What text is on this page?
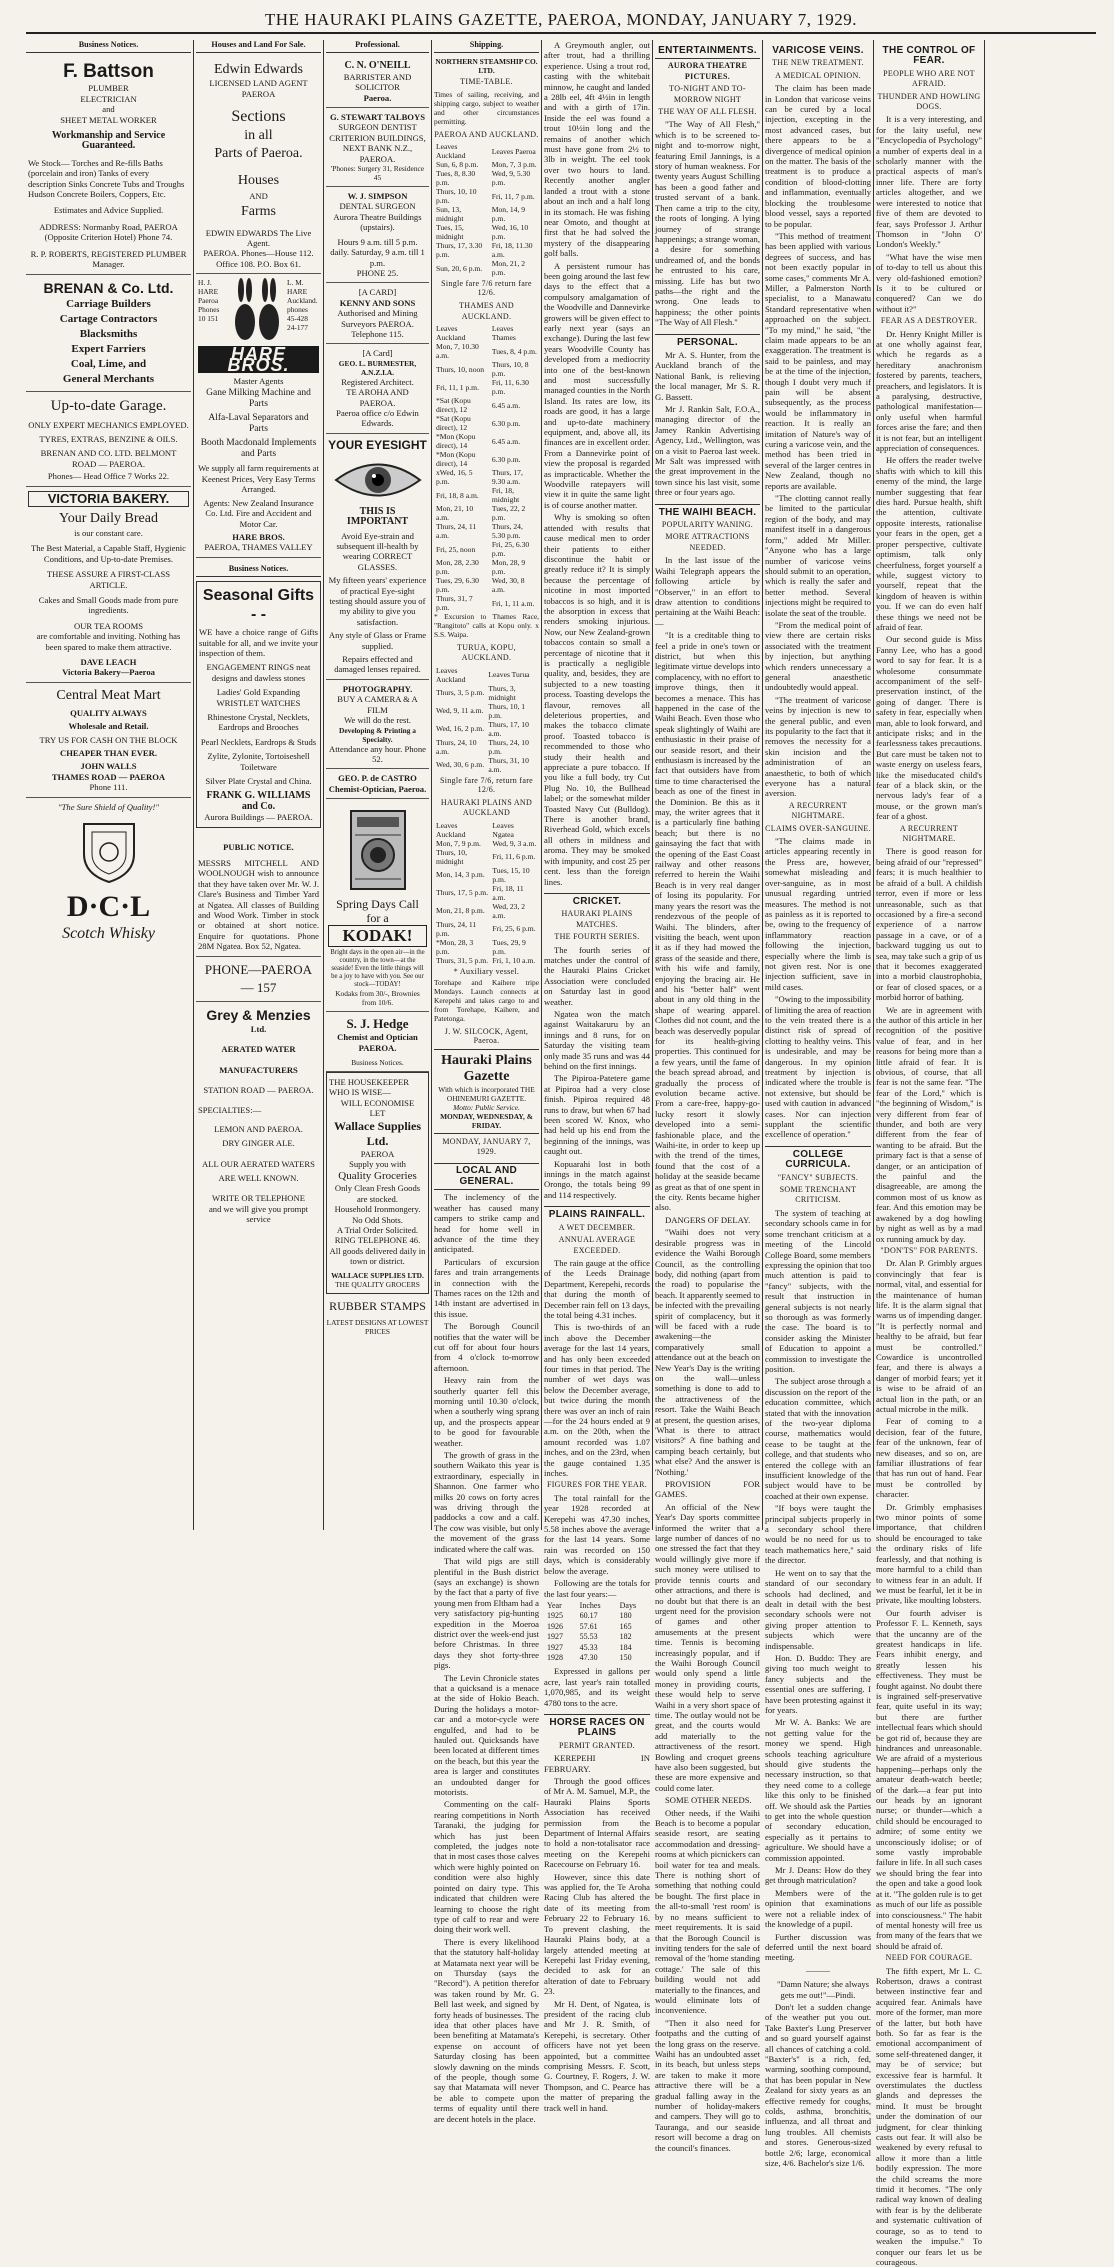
THE HAURAKI PLAINS GAZETTE, PAEROA, MONDAY, JANUARY 7, 1929.
Business Notices.
F. Battson
PLUMBER
ELECTRICIAN
and
SHEET METAL WORKER
Workmanship and Service Guaranteed.
We Stock— Torches and Re-fills Baths (porcelain and iron) Tanks of every description Sinks Concrete Tubs and Troughs Hudson Concrete Boilers, Coppers, Etc.
Estimates and Advice Supplied.
ADDRESS: Normanby Road, PAEROA (Opposite Criterion Hotel) Phone 74.
R. P. ROBERTS, REGISTERED PLUMBER Manager.
BRENAN & Co. Ltd.
Carriage Builders
Cartage Contractors
Blacksmiths
Expert Farriers
Coal, Lime, and
General Merchants
Up-to-date Garage.
ONLY EXPERT MECHANICS EMPLOYED.
TYRES, EXTRAS, BENZINE & OILS.
BRENAN AND CO. LTD. BELMONT ROAD — PAEROA.
Phones— Head Office 7 Works 22.
VICTORIA BAKERY.
Your Daily Bread
is our constant care.
The Best Material, a Capable Staff, Hygienic Conditions, and Up-to-date Premises.
THESE ASSURE A FIRST-CLASS ARTICLE.
Cakes and Small Goods made from pure ingredients.
OUR TEA ROOMS
are comfortable and inviting. Nothing has been spared to make them attractive.
DAVE LEACH
Victoria Bakery—Paeroa
Central Meat Mart
QUALITY ALWAYS
Wholesale and Retail.
TRY US FOR CASH ON THE BLOCK
CHEAPER THAN EVER.
JOHN WALLS
THAMES ROAD — PAEROA
Phone 111.
"The Sure Shield of Quality!"
D·C·L
Scotch Whisky
Houses and Land For Sale.
Edwin Edwards
LICENSED LAND AGENT
PAEROA
Sections
in all
Parts of Paeroa.
Houses
AND
Farms
EDWIN EDWARDS The Live Agent.
PAEROA. Phones—House 112. Office 108. P.O. Box 61.
H. J. HARE Paeroa Phones 10 151
L. M. HARE Auckland. phones 45-428 24-177
HARE BROS.
Master Agents
Gane Milking Machine and Parts
Alfa-Laval Separators and Parts
Booth Macdonald Implements and Parts
We supply all farm requirements at Keenest Prices, Very Easy Terms Arranged.
Agents: New Zealand Insurance Co. Ltd. Fire and Accident and Motor Car.
HARE BROS.
PAEROA, THAMES VALLEY
Business Notices.
Seasonal Gifts - -
WE have a choice range of Gifts suitable for all, and we invite your inspection of them.
ENGAGEMENT RINGS neat designs and dawless stones
Ladies' Gold Expanding WRISTLET WATCHES
Rhinestone Crystal, Necklets, Eardrops and Brooches
Pearl Necklets, Eardrops & Studs
Zylite, Zylonite, Tortoiseshell Toiletware
Silver Plate Crystal and China.
FRANK G. WILLIAMS and Co.
Aurora Buildings — PAEROA.
PUBLIC NOTICE.
MESSRS MITCHELL AND WOOLNOUGH wish to announce that they have taken over Mr. W. J. Clare's Business and Timber Yard at Ngatea. All classes of Building and Wood Work. Timber in stock or obtained at short notice. Enquire for quotations. Phone 28M Ngatea. Box 52, Ngatea.
PHONE—PAEROA — 157
Grey & Menzies
Ltd.
AERATED WATER
MANUFACTURERS
STATION ROAD — PAEROA.
SPECIALTIES:—
LEMON AND PAEROA.
DRY GINGER ALE.
ALL OUR AERATED WATERS
ARE WELL KNOWN.
WRITE OR TELEPHONE
and we will give you prompt service
Professional.
C. N. O'NEILL
BARRISTER AND SOLICITOR
Paeroa.
G. STEWART TALBOYS
SURGEON DENTIST
CRITERION BUILDINGS, NEXT BANK N.Z., PAEROA.
'Phones: Surgery 31, Residence 45
W. J. SIMPSON
DENTAL SURGEON
Aurora Theatre Buildings (upstairs).
Hours 9 a.m. till 5 p.m. daily. Saturday, 9 a.m. till 1 p.m.
PHONE 25.
[A CARD]
KENNY AND SONS
Authorised and Mining Surveyors PAEROA.
Telephone 115.
[A Card]
GEO. L. BURMESTER, A.N.Z.I.A.
Registered Architect.
TE AROHA AND PAEROA.
Paeroa office c/o Edwin Edwards.
YOUR EYESIGHT
THIS IS IMPORTANT
Avoid Eye-strain and subsequent ill-health by wearing CORRECT GLASSES.
My fifteen years' experience of practical Eye-sight testing should assure you of my ability to give you satisfaction.
Any style of Glass or Frame supplied.
Repairs effected and damaged lenses repaired.
PHOTOGRAPHY.
BUY A CAMERA & A FILM
We will do the rest.
Developing & Printing a Specialty.
Attendance any hour. Phone 52.
GEO. P. de CASTRO
Chemist-Optician, Paeroa.
Spring Days Call for a
KODAK!
Bright days in the open air—in the country, in the town—at the seaside! Even the little things will be a joy to have with you. See our stock—TODAY!
Kodaks from 30/-, Brownies from 10/6.
S. J. Hedge
Chemist and Optician
PAEROA.
Business Notices.
THE HOUSEKEEPER WHO IS WISE—
WILL ECONOMISE
LET
Wallace Supplies Ltd.
PAEROA
Supply you with
Quality Groceries
Only Clean Fresh Goods are stocked.
Household Ironmongery.
No Odd Shots.
A Trial Order Solicited.
RING TELEPHONE 46.
All goods delivered daily in town or district.
WALLACE SUPPLIES LTD.
THE QUALITY GROCERS
RUBBER STAMPS
LATEST DESIGNS AT LOWEST PRICES
Shipping.
NORTHERN STEAMSHIP CO. LTD.
TIME-TABLE.
Times of sailing, receiving, and shipping cargo, subject to weather and other circumstances permitting.
PAEROA AND AUCKLAND.
Leaves Auckland	Leaves Paeroa
Sun, 6, 8 p.m.	Mon, 7, 3 p.m.
Tues, 8, 8.30 p.m.	Wed, 9, 5.30 p.m.
Thurs, 10, 10 p.m.	Fri, 11, 7 p.m.
Sun, 13, midnight	Mon, 14, 9 p.m.
Tues, 15, midnight	Wed, 16, 10 p.m.
Thurs, 17, 3.30 p.m.	Fri, 18, 11.30 a.m.
Sun, 20, 6 p.m.	Mon, 21, 2 p.m.
Single fare 7/6 return fare 12/6.
THAMES AND AUCKLAND.
Leaves Auckland	Leaves Thames
Mon, 7, 10.30 a.m.	Tues, 8, 4 p.m.
Thurs, 10, noon	Thurs, 10, 8 p.m.
Fri, 11, 1 p.m.	Fri, 11, 6.30 p.m.
*Sat (Kopu direct), 12	6.45 a.m.
*Sat (Kopu direct), 12	6.30 p.m.
*Mon (Kopu direct), 14	6.45 a.m.
*Mon (Kopu direct), 14	6.30 p.m.
xWed, 16, 5 p.m.	Thurs, 17, 9.30 a.m.
Fri, 18, 8 a.m.	Fri, 18, midnight
Mon, 21, 10 a.m.	Tues, 22, 2 p.m.
Thurs, 24, 11 a.m.	Thurs, 24, 5.30 p.m.
Fri, 25, noon	Fri, 25, 6.30 p.m.
Mon, 28, 2.30 p.m.	Mon, 28, 9 p.m.
Tues, 29, 6.30 p.m.	Wed, 30, 8 a.m.
Thurs, 31, 7 p.m.	Fri, 1, 11 a.m.
* Excursion to Thames Race, "Rangitoto" calls at Kopu only. x S.S. Waipa.
TURUA, KOPU, AUCKLAND.
Leaves Auckland	Leaves Turua
Thurs, 3, 5 p.m.	Thurs, 3, midnight
Wed, 9, 11 a.m.	Thurs, 10, 1 p.m.
Wed, 16, 2 p.m.	Thurs, 17, 10 a.m.
Thurs, 24, 10 a.m.	Thurs, 24, 10 p.m.
Wed, 30, 6 p.m.	Thurs, 31, 10 a.m.
Single fare 7/6, return fare 12/6.
HAURAKI PLAINS AND AUCKLAND
Leaves Auckland	Leaves Ngatea
Mon, 7, 9 p.m.	Wed, 9, 3 a.m.
Thurs, 10, midnight	Fri, 11, 6 p.m.
Mon, 14, 3 p.m.	Tues, 15, 10 p.m.
Thurs, 17, 5 p.m.	Fri, 18, 11 a.m.
Mon, 21, 8 p.m.	Wed, 23, 2 a.m.
Thurs, 24, 11 p.m.	Fri, 25, 6 p.m.
*Mon, 28, 3 p.m.	Tues, 29, 9 p.m.
Thurs, 31, 5 p.m.	Fri, 1, 10 a.m.
* Auxiliary vessel.
Torehape and Kaihere tripe Mondays. Launch connects at Kerepehi and takes cargo to and from Torehape, Kaihere, and Patetonga.
J. W. SILCOCK, Agent, Paeroa.
Hauraki Plains Gazette
With which is incorporated THE OHINEMURI GAZETTE.
Motto: Public Service.
MONDAY, WEDNESDAY, & FRIDAY.
MONDAY, JANUARY 7, 1929.
LOCAL AND GENERAL.
The inclemency of the weather has caused many campers to strike camp and head for home well in advance of the time they anticipated.
Particulars of excursion fares and train arrangements in connection with the Thames races on the 12th and 14th instant are advertised in this issue.
The Borough Council notifies that the water will be cut off for about four hours from 4 o'clock to-morrow afternoon.
Heavy rain from the southerly quarter fell this morning until 10.30 o'clock, when a southerly wing sprang up, and the prospects appear to be good for favourable weather.
The growth of grass in the southern Waikato this year is extraordinary, especially in Shannon. One farmer who milks 20 cows on forty acres was driving through the paddocks a cow and a calf. The cow was visible, but only the movement of the grass indicated where the calf was.
That wild pigs are still plentiful in the Bush district (says an exchange) is shown by the fact that a party of five young men from Eltham had a very satisfactory pig-hunting expedition in the Moeroa district over the week-end just before Christmas. In three days they shot forty-three pigs.
The Levin Chronicle states that a quicksand is a menace at the side of Hokio Beach. During the holidays a motor-car and a motor-cycle were engulfed, and had to be hauled out. Quicksands have been located at different times on the beach, but this year the area is larger and constitutes an undoubted danger for motorists.
Commenting on the calf-rearing competitions in North Taranaki, the judging for which has just been completed, the judges note that in most cases those calves which were highly pointed on condition were also highly pointed on dairy type. This indicated that children were learning to choose the right type of calf to rear and were doing their work well.
There is every likelihood that the statutory half-holiday at Matamata next year will be on Thursday (says the "Record"). A petition therefor was taken round by Mr. G. Bell last week, and signed by forty heads of businesses. The idea that other places have been benefiting at Matamata's expense on account of Saturday closing has been slowly dawning on the minds of the people, though some say that Matamata will never be able to compete upon terms of equality until there are decent hotels in the place.
A Greymouth angler, out after trout, had a thrilling experience. Using a trout rod, casting with the whitebait minnow, he caught and landed a 28lb eel, 4ft 4½in in length and with a girth of 17in. Inside the eel was found a trout 10½in long and the remains of another which must have gone from 2½ to 3lb in weight. The eel took over two hours to land. Recently another angler landed a trout with a stone about an inch and a half long in its stomach. He was fishing near Omoto, and thought at first that he had solved the mystery of the disappearing golf balls.
A persistent rumour has been going around the last few days to the effect that a compulsory amalgamation of the Woodville and Dannevirke growers will be given effect to early next year (says an exchange). During the last few years Woodville County has developed from a mediocrity into one of the best-known and most successfully managed counties in the North Island. Its rates are low, its roads are good, it has a large and up-to-date machinery equipment, and, above all, its finances are in excellent order. From a Dannevirke point of view the proposal is regarded as impracticable. Whether the Woodville ratepayers will view it in quite the same light is of course another matter.
Why is smoking so often attended with results that cause medical men to order their patients to either discontinue the habit or greatly reduce it? It is simply because the percentage of nicotine in most imported tobaccos is so high, and it is the absorption in excess that renders smoking injurious. Now, our New Zealand-grown tobaccos contain so small a percentage of nicotine that it is practically a negligible quality, and, besides, they are subjected to a new toasting process. Toasting develops the flavour, removes all deleterious properties, and makes the tobacco climate proof. Toasted tobacco is recommended to those who study their health and appreciate a pure tobacco. If you like a full body, try Cut Plug No. 10, the Bullhead label; or the somewhat milder Toasted Navy Cut (Bulldog). There is another brand, Riverhead Gold, which excels all others in mildness and aroma. They may be smoked with impunity, and cost 25 per cent. less than the foreign lines.
CRICKET.
HAURAKI PLAINS MATCHES.
THE FOURTH SERIES.
The fourth series of matches under the control of the Hauraki Plains Cricket Association were concluded on Saturday last in good weather.
Ngatea won the match against Waitakaruru by an innings and 8 runs, for on Saturday the visiting team only made 35 runs and was 44 behind on the first innings.
The Pipiroa-Patetere game at Pipiroa had a very close finish. Pipiroa required 48 runs to draw, but when 67 had been scored W. Knox, who had held up his end from the beginning of the innings, was caught out.
Kopuarahi lost in both innings in the match against Orongo, the totals being 99 and 114 respectively.
PLAINS RAINFALL.
A WET DECEMBER.
ANNUAL AVERAGE EXCEEDED.
The rain gauge at the office of the Leeds Drainage Department, Kerepehi, records that during the month of December rain fell on 13 days, the total being 4.31 inches.
This is two-thirds of an inch above the December average for the last 14 years, and has only been exceeded four times in that period. The number of wet days was below the December average, but twice during the month there was over an inch of rain—for the 24 hours ended at 9 a.m. on the 20th, when the amount recorded was 1.07 inches, and on the 23rd, when the gauge contained 1.35 inches.
FIGURES FOR THE YEAR.
The total rainfall for the year 1928 recorded at Kerepehi was 47.30 inches, 5.58 inches above the average for the last 14 years. Some rain was recorded on 150 days, which is considerably below the average.
Following are the totals for the last four years:—
Year	Inches	Days
1925	60.17	180
1926	57.61	165
1927	55.53	182
1927	45.33	184
1928	47.30	150
Expressed in gallons per acre, last year's rain totalled 1,070,985, and its weight 4780 tons to the acre.
HORSE RACES ON PLAINS
PERMIT GRANTED.
KEREPEHI IN FEBRUARY.
Through the good offices of Mr A. M. Samuel, M.P., the Hauraki Plains Sports Association has received permission from the Department of Internal Affairs to hold a non-totalisator race meeting on the Kerepehi Racecourse on February 16.
However, since this date was applied for, the Te Aroha Racing Club has altered the date of its meeting from February 22 to February 16. To prevent clashing, the Hauraki Plains body, at a largely attended meeting at Kerepehi last Friday evening, decided to ask for an alteration of date to February 23.
Mr H. Dent, of Ngatea, is president of the racing club and Mr J. R. Smith, of Kerepehi, is secretary. Other officers have not yet been appointed, but a committee comprising Messrs. F. Scott, G. Courtney, F. Rogers, J. W. Thompson, and C. Pearce has the matter of preparing the track well in hand.
ENTERTAINMENTS.
AURORA THEATRE PICTURES.
TO-NIGHT AND TO-MORROW NIGHT
THE WAY OF ALL FLESH.
"The Way of All Flesh," which is to be screened to-night and to-morrow night, featuring Emil Jannings, is a story of human weakness. For twenty years August Schilling has been a good father and trusted servant of a bank. Then came a trip to the city, the roots of longing. A lying journey of strange happenings; a strange woman, a desire for something undreamed of, and the bonds he entrusted to his care, missing. Life has but two paths—the right and the wrong. One leads to happiness; the other points "The Way of All Flesh."
PERSONAL.
Mr A. S. Hunter, from the Auckland branch of the National Bank, is relieving the local manager, Mr S. R. G. Bassett.
Mr J. Rankin Salt, F.O.A., managing director of the Jamey Rankin Advertising Agency, Ltd., Wellington, was on a visit to Paeroa last week. Mr Salt was impressed with the great improvement in the town since his last visit, some three or four years ago.
THE WAIHI BEACH.
POPULARITY WANING.
MORE ATTRACTIONS NEEDED.
In the last issue of the Waihi Telegraph appears the following article by "Observer," in an effort to draw attention to conditions pertaining at the Waihi Beach:—
"It is a creditable thing to feel a pride in one's town or district, but when this legitimate virtue develops into complacency, with no effort to improve things, then it becomes a menace. This has happened in the case of the Waihi Beach. Even those who speak slightingly of Waihi are enthusiastic in their praise of our seaside resort, and their enthusiasm is increased by the fact that outsiders have from time to time characterised the beach as one of the finest in the Dominion. Be this as it may, the writer agrees that it is a particularly fine bathing beach; but there is no gainsaying the fact that with the opening of the East Coast railway and other reasons referred to herein the Waihi Beach is in very real danger of losing its popularity. For many years the resort was the rendezvous of the people of Waihi. The blinders, after visiting the beach, went upon it as if they had mowed the grass of the seaside and there, with his wife and family, enjoying the bracing air. He and his "better half" went about in any old thing in the shape of wearing apparel. Clothes did not count, and the beach was deservedly popular for its health-giving properties. This continued for a few years, until the fame of the beach spread abroad, and gradually the process of evolution became active. From a care-free, happy-go-lucky resort it slowly developed into a semi-fashionable place, and the Waihi-ite, in order to keep up with the trend of the times, found that the cost of a holiday at the seaside became as great as that of one spent in the city. Rents became higher also.
DANGERS OF DELAY.
"Waihi does not very desirable progress was in evidence the Waihi Borough Council, as the controlling body, did nothing (apart from the road) to popularise the beach. It apparently seemed to be infected with the prevailing spirit of complacency, but it will be faced with a rude awakening—the comparatively small attendance out at the beach on New Year's Day is the writing on the wall—unless something is done to add to the attractiveness of the resort. Take the Waihi Beach at present, the question arises, 'What is there to attract visitors?' A fine bathing and camping beach certainly, but what else? And the answer is 'Nothing.'
PROVISION FOR GAMES.
An official of the New Year's Day sports committee informed the writer that a large number of dances of no one stressed the fact that they would willingly give more if such money were utilised to provide tennis courts and other attractions, and there is no doubt but that there is an urgent need for the provision of games and other amusements at the present time. Tennis is becoming increasingly popular, and if the Waihi Borough Council would only spend a little money in providing courts, these would help to serve Waihi in a very short space of time. The outlay would not be great, and the courts would add materially to the attractiveness of the resort. Bowling and croquet greens have also been suggested, but these are more expensive and could come later.
SOME OTHER NEEDS.
Other needs, if the Waihi Beach is to become a popular seaside resort, are seating accommodation and dressing-rooms at which picnickers can boil water for tea and meals. There is nothing short of something that nothing could be bought. The first place in the all-to-small 'rest room' is by no means sufficient to meet requirements. It is said that the Borough Council is inviting tenders for the sale of removal of the 'home standing cottage.' The sale of this building would not add materially to the finances, and would eliminate lots of inconvenience.
"Then it also need for footpaths and the cutting of the long grass on the reserve. Waihi has an undoubted asset in its beach, but unless steps are taken to make it more attractive there will be a gradual falling away in the number of holiday-makers and campers. They will go to Tauranga, and our seaside resort will become a drag on the council's finances.
VARICOSE VEINS.
THE NEW TREATMENT.
A MEDICAL OPINION.
The claim has been made in London that varicose veins can be cured by a local injection, excepting in the most advanced cases, but there appears to be a divergence of medical opinion on the matter. The basis of the treatment is to produce a condition of blood-clotting and inflammation, eventually blocking the troublesome blood vessel, says a reported to be popular.
"This method of treatment has been applied with various degrees of success, and has not been exactly popular in some cases," comments Mr A. Miller, a Palmerston North specialist, to a Manawatu Standard representative when approached on the subject. "To my mind," he said, "the claim made appears to be an exaggeration. The treatment is said to be painless, and may be at the time of the injection, though I doubt very much if pain will be absent subsequently, as the process would be inflammatory in reaction. It is really an imitation of Nature's way of curing a varicose vein, and the method has been tried in several of the larger centres in New Zealand, though no reports are available.
"The clotting cannot really be limited to the particular region of the body, and may manifest itself in a dangerous form," added Mr Miller. "Anyone who has a large number of varicose veins should submit to an operation, which is really the safer and better method. Several injections might be required to isolate the seat of the trouble.
"From the medical point of view there are certain risks associated with the treatment by injection, but anything which renders unnecessary a general anaesthetic undoubtedly would appeal.
"The treatment of varicose veins by injection is new to the general public, and even its popularity to the fact that it removes the necessity for a skin incision and the administration of an anaesthetic, to both of which everyone has a natural aversion.
A RECURRENT NIGHTMARE.
CLAIMS OVER-SANGUINE.
"The claims made in articles appearing recently in the Press are, however, somewhat misleading and over-sanguine, as in most unusual regarding untried measures. The method is not as painless as it is reported to be, owing to the frequency of inflammatory reaction following the injection, especially where the limb is not given rest. Nor is one injection sufficient, save in mild cases.
"Owing to the impossibility of limiting the area of reaction to the vein treated there is a distinct risk of spread of clotting to healthy veins. This is undesirable, and may be dangerous. In my opinion treatment by injection is indicated where the trouble is not extensive, but should be used with caution in advanced cases. Nor can injection supplant the scientific excellence of operation."
COLLEGE CURRICULA.
"FANCY" SUBJECTS.
SOME TRENCHANT CRITICISM.
The system of teaching at secondary schools came in for some trenchant criticism at a meeting of the Lincold College Board, some members expressing the opinion that too much attention is paid to "fancy" subjects, with the result that instruction in general subjects is not nearly so thorough as was formerly the case. The board is to consider asking the Minister of Education to appoint a commission to investigate the position.
The subject arose through a discussion on the report of the education committee, which stated that with the innovation of the two-year diploma course, mathematics would cease to be taught at the college, and that students who entered the college with an insufficient knowledge of the subject would have to be coached at their own expense.
"If boys were taught the principal subjects properly in a secondary school there would be no need for us to teach mathematics here," said the director.
He went on to say that the standard of our secondary schools had declined, and dealt in detail with the best secondary schools were not giving proper attention to subjects which were indispensable.
Hon. D. Buddo: They are giving too much weight to fancy subjects and the essential ones are suffering. I have been protesting against it for years.
Mr W. A. Banks: We are not getting value for the money we spend. High schools teaching agriculture should give students the necessary instruction, so that they need come to a college like this only to be finished off. We should ask the Parties to get into the whole question of secondary education, especially as it pertains to agriculture. We should have a commission appointed.
Mr J. Deans: How do they get through matriculation?
Members were of the opinion that examinations were not a reliable index of the knowledge of a pupil.
Further discussion was deferred until the next board meeting.
———
"Damn Nature; she always gets me out!"—Pindi.
Don't let a sudden change of the weather put you out. Take Baxter's Lung Preserver and so guard yourself against all chances of catching a cold. "Baxter's" is a rich, fed, warming, soothing compound, that has been popular in New Zealand for sixty years as an effective remedy for coughs, colds, asthma, bronchitis, influenza, and all throat and lung troubles. All chemists and stores. Generous-sized bottle 2/6; large, economical size, 4/6. Bachelor's size 1/6.
THE CONTROL OF FEAR.
PEOPLE WHO ARE NOT AFRAID.
THUNDER AND HOWLING DOGS.
It is a very interesting, and for the laity useful, new "Encyclopedia of Psychology" a number of experts deal in a scholarly manner with the practical aspects of man's inner life. There are forty articles altogether, and we were interested to notice that five of them are devoted to fear, says Professor J. Arthur Thomson in "John O' London's Weekly."
"What have the wise men of to-day to tell us about this very old-fashioned emotion? Is it to be cultured or conquered? Can we do without it?"
FEAR AS A DESTROYER.
Dr. Henry Knight Miller is at one wholly against fear, which he regards as a hereditary anachronism fostered by parents, teachers, preachers, and legislators. It is a paralysing, destructive, pathological manifestation—only useful when harmful forces arise the fare; and then it is not fear, but an intelligent appreciation of consequences.
He offers the reader twelve shafts with which to kill this enemy of the mind, the large number suggesting that fear dies hard. Pursue health, shift the attention, cultivate opposite interests, rationalise your fears in the open, get a proper perspective, cultivate optimism, talk only cheerfulness, forget yourself a while, suggest victory to yourself, repeat that the kingdom of heaven is within you. If we can do even half these things we need not be afraid of fear.
Our second guide is Miss Fanny Lee, who has a good word to say for fear. It is a wholesome consummate accompaniment of the self-preservation instinct, of the going of danger. There is safety in fear, especially when man, able to look forward, and anticipate risks; and in the fearlessness takes precautions. But care must be taken not to waste energy on useless fears, like the miseducated child's fear of a black skin, or the nervous lady's fear of a mouse, or the grown man's fear of a ghost.
A RECURRENT NIGHTMARE.
There is good reason for being afraid of our "repressed" fears; it is much healthier to be afraid of a bull. A childish terror, even if more or less unreasonable, such as that occasioned by a fire-a second experience of a narrow passage in a cave, or of a backward tugging us out to sea, may take such a grip of us that it becomes exaggerated into a morbid claustrophobia, or fear of closed spaces, or a morbid horror of bathing.
We are in agreement with the author of this article in her recognition of the positive value of fear, and in her reasons for being more than a little afraid of fear. It is obvious, of course, that all fear is not the same fear. "The fear of the Lord," which is "the beginning of Wisdom," is very different from fear of thunder, and both are very different from the fear of wanting to be afraid. But the primary fact is that a sense of danger, or an anticipation of the painful and the disagreeable, are among the common most of us know as fear. And this emotion may be awakened by a dog howling by night as well as by a mad ox running amuck by day.
"DON'TS" FOR PARENTS.
Dr. Alan P. Grimbly argues convincingly that fear is normal, vital, and essential for the maintenance of human life. It is the alarm signal that warns us of impending danger. "It is perfectly normal and healthy to be afraid, but fear must be controlled." Cowardice is uncontrolled fear, and there is always a danger of morbid fears; yet it is wise to be afraid of an actual lion in the path, or an actual microbe in the milk.
Fear of coming to a decision, fear of the future, fear of the unknown, fear of new diseases, and so on, are familiar illustrations of fear that has run out of hand. Fear must be controlled by character.
Dr. Grimbly emphasises two minor points of some importance, that children should be encouraged to take the ordinary risks of life fearlessly, and that nothing is more harmful to a child than to witness fear in an adult. If we must be fearful, let it be in private, like moulting lobsters.
Our fourth adviser is Professor F. L. Kenneth, says that the uncanny are of the greatest handicaps in life. Fears inhibit energy, and greatly lessen his effectiveness. They must be fought against. No doubt there is ingrained self-preservative fear, quite useful in its way; but there are further intellectual fears which should be got rid of, because they are hindrances and unreasonable. We are afraid of a mysterious happening—perhaps only the amateur death-watch beetle; of the dark—a fear put into our heads by an ignorant nurse; or thunder—which a child should be encouraged to admire; of some entity we unconsciously idolise; or of some vastly improbable failure in life. In all such cases we should bring the fear into the open and take a good look at it. "The golden rule is to get as much of our life as possible into consciousness." The habit of mental honesty will free us from many of the fears that we should be afraid of.
NEED FOR COURAGE.
The fifth expert, Mr L. C. Robertson, draws a contrast between instinctive fear and acquired fear. Animals have more of the former, man more of the latter, but both have both. So far as fear is the emotional accompaniment of some self-threatened danger, it may be of service; but excessive fear is harmful. It overstimulates the ductless glands and depresses the mind. It must be brought under the domination of our judgment, for clear thinking casts out fear. It will also be weakened by every refusal to allow it more than a little bodily expression. The more the child screams the more timid it becomes. "The only radical way known of dealing with fear is by the deliberate and systematic cultivation of courage, so as to tend to weaken the impulse." To conquer our fears let us be courageous.
